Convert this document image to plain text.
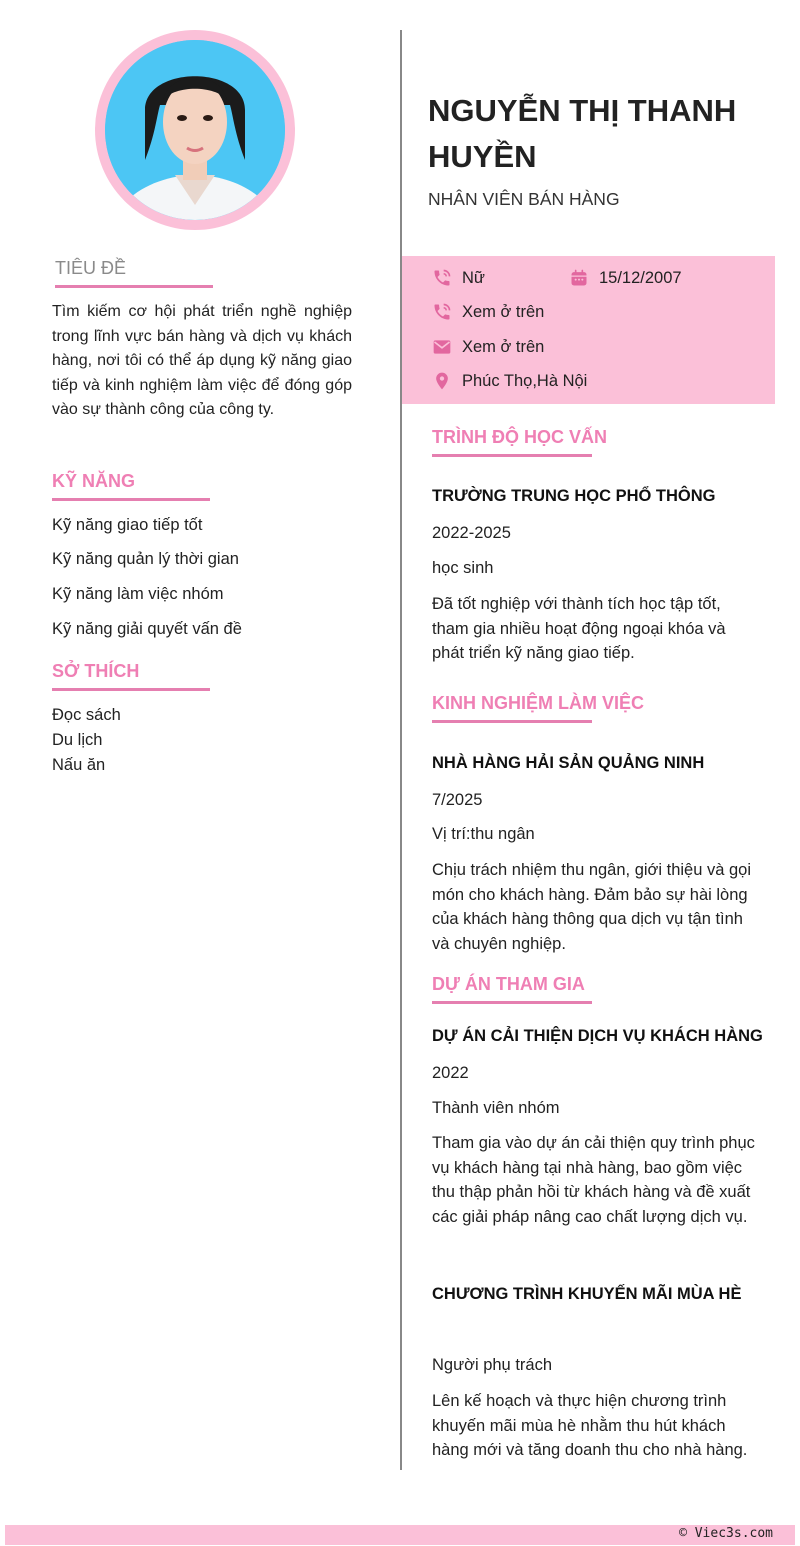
TIÊU ĐỀ

Tìm kiếm cơ hội phát triển nghề nghiệp trong lĩnh vực bán hàng và dịch vụ khách hàng, nơi tôi có thể áp dụng kỹ năng giao tiếp và kinh nghiệm làm việc để đóng góp vào sự thành công của công ty.

KỸ NĂNG
Kỹ năng giao tiếp tốt
Kỹ năng quản lý thời gian
Kỹ năng làm việc nhóm
Kỹ năng giải quyết vấn đề
SỞ THÍCH
Đọc sách
Du lịch
Nấu ăn
NGUYỄN THỊ THANH HUYỀN
NHÂN VIÊN BÁN HÀNG
Nữ	15/12/2007
Xem ở trên
Xem ở trên
Phúc Thọ,Hà Nội
TRÌNH ĐỘ HỌC VẤN
TRƯỜNG TRUNG HỌC PHỔ THÔNG
2022-2025
học sinh

Đã tốt nghiệp với thành tích học tập tốt, tham gia nhiều hoạt động ngoại khóa và phát triển kỹ năng giao tiếp.

KINH NGHIỆM LÀM VIỆC
NHÀ HÀNG HẢI SẢN QUẢNG NINH
7/2025
Vị trí:thu ngân

Chịu trách nhiệm thu ngân, giới thiệu và gọi món cho khách hàng. Đảm bảo sự hài lòng của khách hàng thông qua dịch vụ tận tình và chuyên nghiệp.

DỰ ÁN THAM GIA
DỰ ÁN CẢI THIỆN DỊCH VỤ KHÁCH HÀNG
2022
Thành viên nhóm

Tham gia vào dự án cải thiện quy trình phục vụ khách hàng tại nhà hàng, bao gồm việc thu thập phản hồi từ khách hàng và đề xuất các giải pháp nâng cao chất lượng dịch vụ.

CHƯƠNG TRÌNH KHUYẾN MÃI MÙA HÈ
Người phụ trách

Lên kế hoạch và thực hiện chương trình khuyến mãi mùa hè nhằm thu hút khách hàng mới và tăng doanh thu cho nhà hàng.

© Viec3s.com
